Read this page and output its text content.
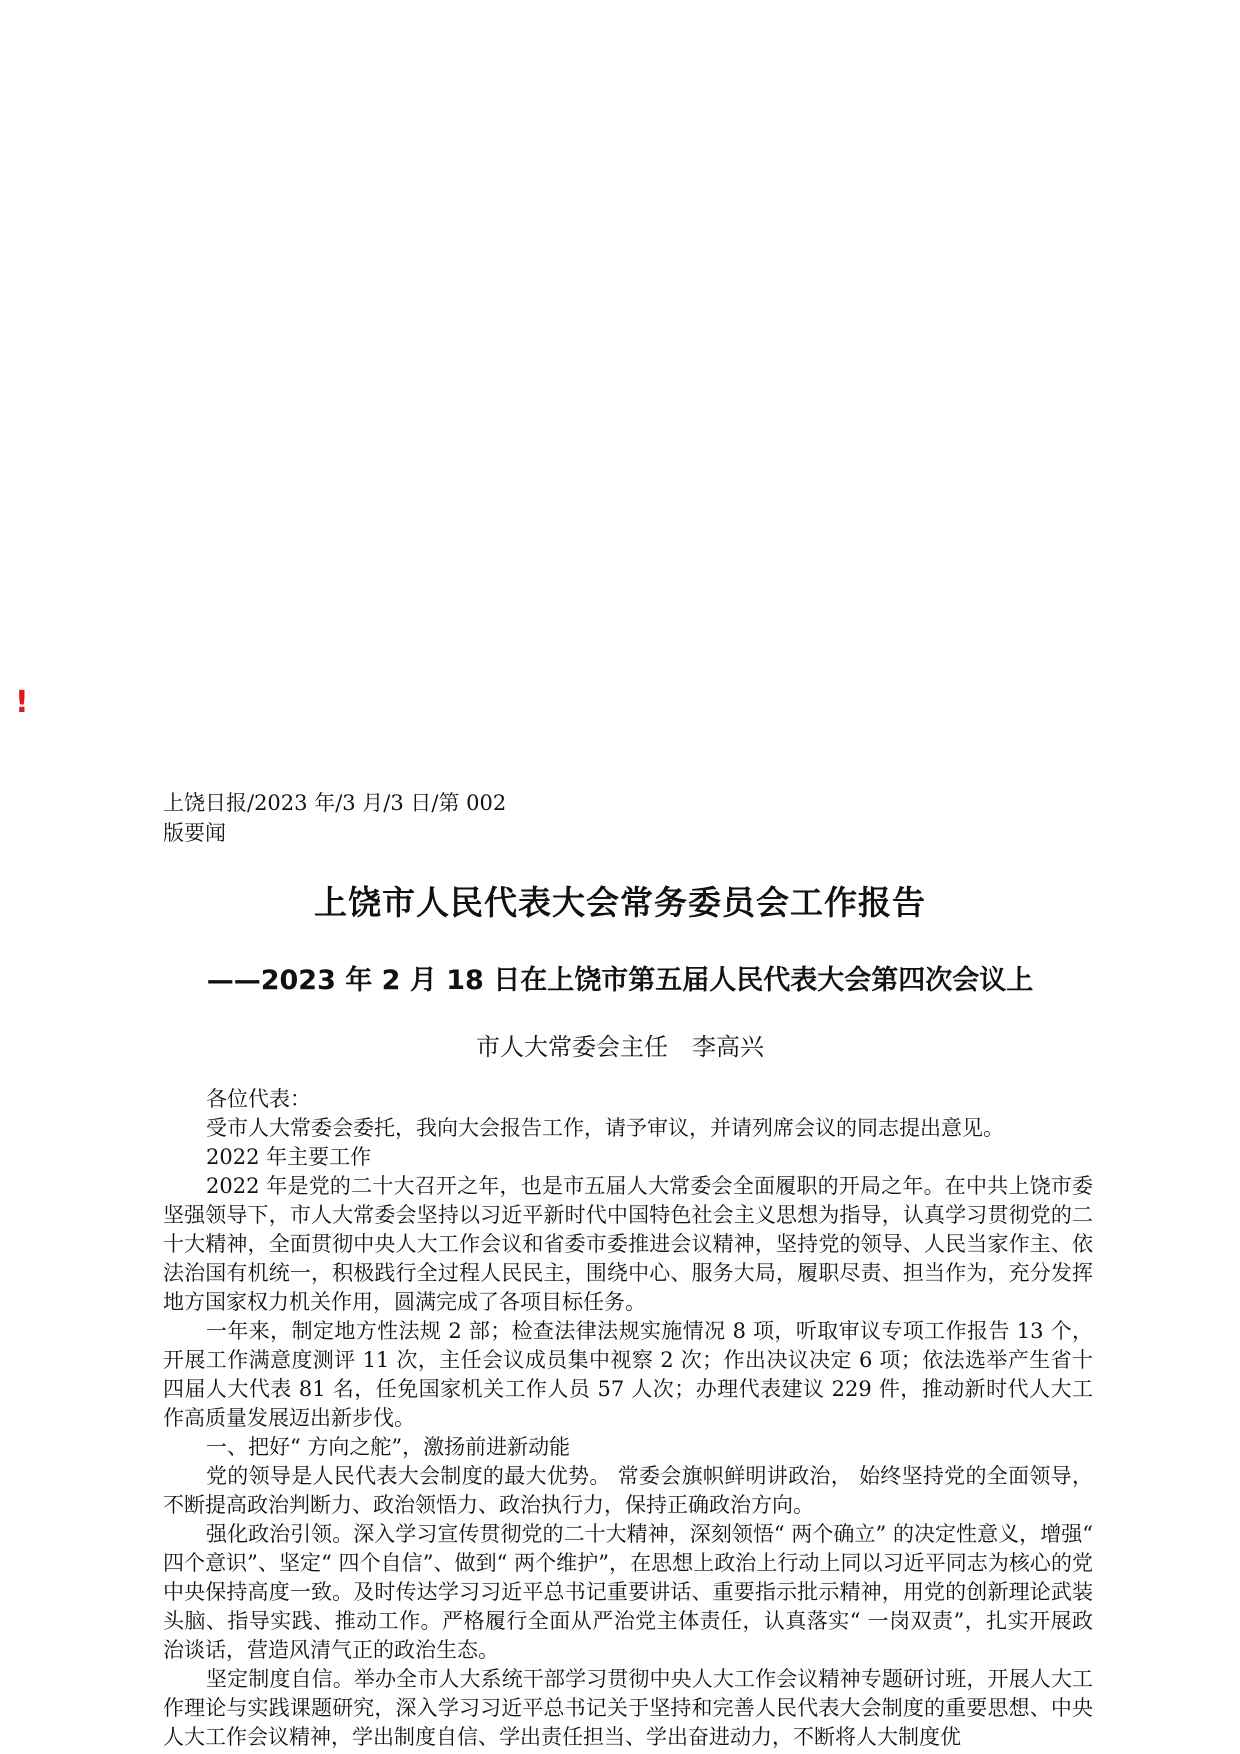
!
上饶日报/2023 年/3 月/3 日/第 002
版要闻
上饶市人民代表大会常务委员会工作报告
——2023 年 2 月 18 日在上饶市第五届人民代表大会第四次会议上
市人大常委会主任　李高兴

各位代表：

受市人大常委会委托，我向大会报告工作，请予审议，并请列席会议的同志提出意见。

2022 年主要工作

2022 年是党的二十大召开之年，也是市五届人大常委会全面履职的开局之年。在中共上饶市委坚强领导下，市人大常委会坚持以习近平新时代中国特色社会主义思想为指导，认真学习贯彻党的二十大精神，全面贯彻中央人大工作会议和省委市委推进会议精神，坚持党的领导、人民当家作主、依法治国有机统一，积极践行全过程人民民主，围绕中心、服务大局，履职尽责、担当作为，充分发挥地方国家权力机关作用，圆满完成了各项目标任务。

一年来，制定地方性法规 2 部；检查法律法规实施情况 8 项，听取审议专项工作报告 13 个，开展工作满意度测评 11 次，主任会议成员集中视察 2 次；作出决议决定 6 项；依法选举产生省十四届人大代表 81 名，任免国家机关工作人员 57 人次；办理代表建议 229 件，推动新时代人大工作高质量发展迈出新步伐。

一、把好“ 方向之舵”，激扬前进新动能

党的领导是人民代表大会制度的最大优势。 常委会旗帜鲜明讲政治， 始终坚持党的全面领导，不断提高政治判断力、政治领悟力、政治执行力，保持正确政治方向。

强化政治引领。深入学习宣传贯彻党的二十大精神，深刻领悟“ 两个确立” 的决定性意义，增强“ 四个意识”、坚定“ 四个自信”、做到“ 两个维护”，在思想上政治上行动上同以习近平同志为核心的党中央保持高度一致。及时传达学习习近平总书记重要讲话、重要指示批示精神，用党的创新理论武装头脑、指导实践、推动工作。严格履行全面从严治党主体责任，认真落实“ 一岗双责”，扎实开展政治谈话，营造风清气正的政治生态。

坚定制度自信。举办全市人大系统干部学习贯彻中央人大工作会议精神专题研讨班，开展人大工作理论与实践课题研究，深入学习习近平总书记关于坚持和完善人民代表大会制度的重要思想、中央人大工作会议精神，学出制度自信、学出责任担当、学出奋进动力，不断将人大制度优
